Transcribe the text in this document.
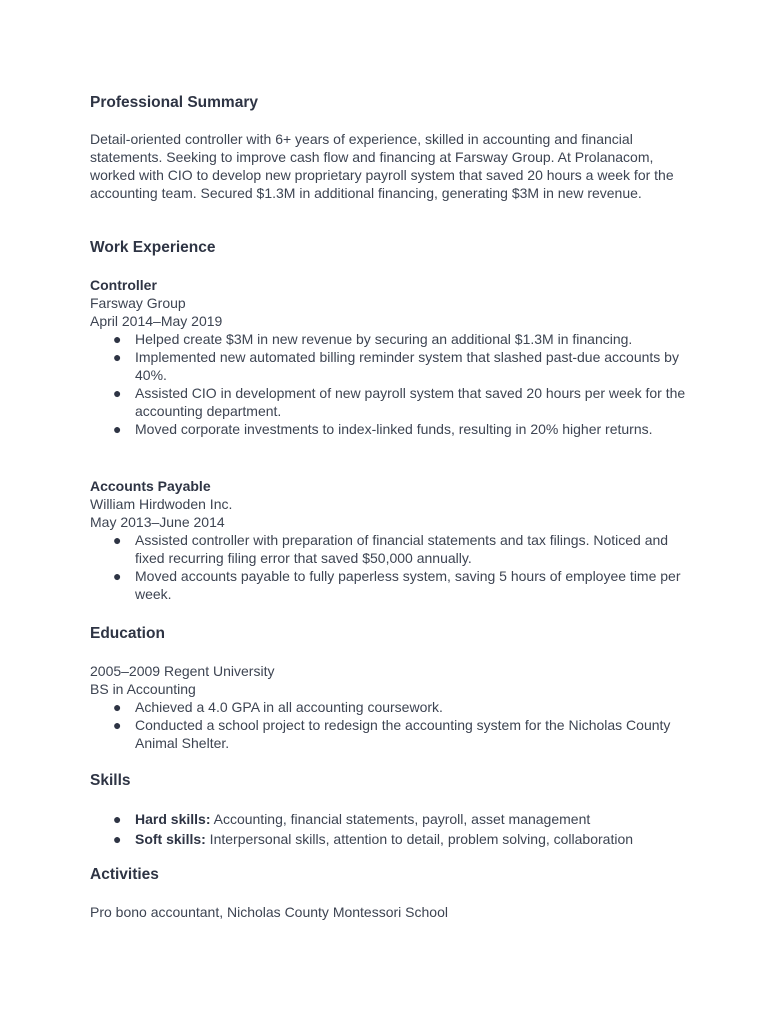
Professional Summary

Detail-oriented controller with 6+ years of experience, skilled in accounting and financial statements. Seeking to improve cash flow and financing at Farsway Group. At Prolanacom, worked with CIO to develop new proprietary payroll system that saved 20 hours a week for the accounting team. Secured $1.3M in additional financing, generating $3M in new revenue.

Work Experience
Controller
Farsway Group
April 2014–May 2019
● Helped create $3M in new revenue by securing an additional $1.3M in financing.
● Implemented new automated billing reminder system that slashed past-due accounts by 40%.
● Assisted CIO in development of new payroll system that saved 20 hours per week for the accounting department.
● Moved corporate investments to index-linked funds, resulting in 20% higher returns.
Accounts Payable
William Hirdwoden Inc.
May 2013–June 2014
● Assisted controller with preparation of financial statements and tax filings. Noticed and fixed recurring filing error that saved $50,000 annually.
● Moved accounts payable to fully paperless system, saving 5 hours of employee time per week.
Education
2005–2009 Regent University
BS in Accounting
● Achieved a 4.0 GPA in all accounting coursework.
● Conducted a school project to redesign the accounting system for the Nicholas County Animal Shelter.
Skills
● Hard skills: Accounting, financial statements, payroll, asset management
● Soft skills: Interpersonal skills, attention to detail, problem solving, collaboration
Activities

Pro bono accountant, Nicholas County Montessori School
